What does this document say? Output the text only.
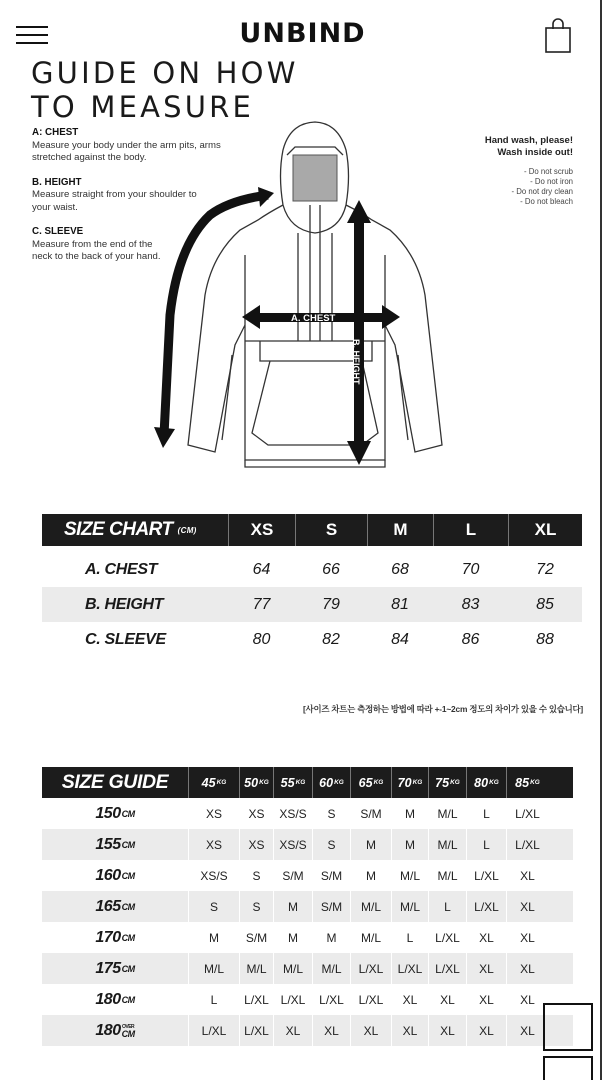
UNBIND
GUIDE ON HOW
TO MEASURE
A: CHEST
Measure your body under the arm pits, arms stretched against the body.
B. HEIGHT
Measure straight from your shoulder to your waist.
C. SLEEVE
Measure from the end of the neck to the back of your hand.
Hand wash, please!
Wash inside out!
- Do not scrub
- Do not iron
- Do not dry clean
- Do not bleach
C. SLEEVE	A. CHEST
B. HEIGHT
SIZE CHART (CM)	XS	S	M	L	XL
A. CHEST	64	66	68	70	72
B. HEIGHT	77	79	81	83	85
C. SLEEVE	80	82	84	86	88
[사이즈 차트는 측정하는 방법에 따라 +-1~2cm 정도의 차이가 있을 수 있습니다]
SIZE GUIDE	45 KG 50 KG 55 KG 60 KG 65 KG 70 KG 75 KG 80 KG 85 KG
150 CM	XS	XS	XS/S	S	S/M	M	M/L	L	L/XL
155 CM	XS	XS	XS/S	S	M	M	M/L	L	L/XL
160 CM	XS/S	S	S/M	S/M	M	M/L	M/L	L/XL	XL
165 CM	S	S	M	S/M	M/L	M/L	L	L/XL	XL
170 CM	M	S/M	M	M	M/L	L	L/XL	XL	XL
175 CM	M/L	M/L	M/L	M/L	L/XL	L/XL	L/XL	XL	XL
180 CM	L	L/XL L/XL	L/XL	L/XL	XL	XL	XL	XL
180 OVER
CM	L/XL	L/XL	XL	XL	XL	XL	XL	XL	XL
